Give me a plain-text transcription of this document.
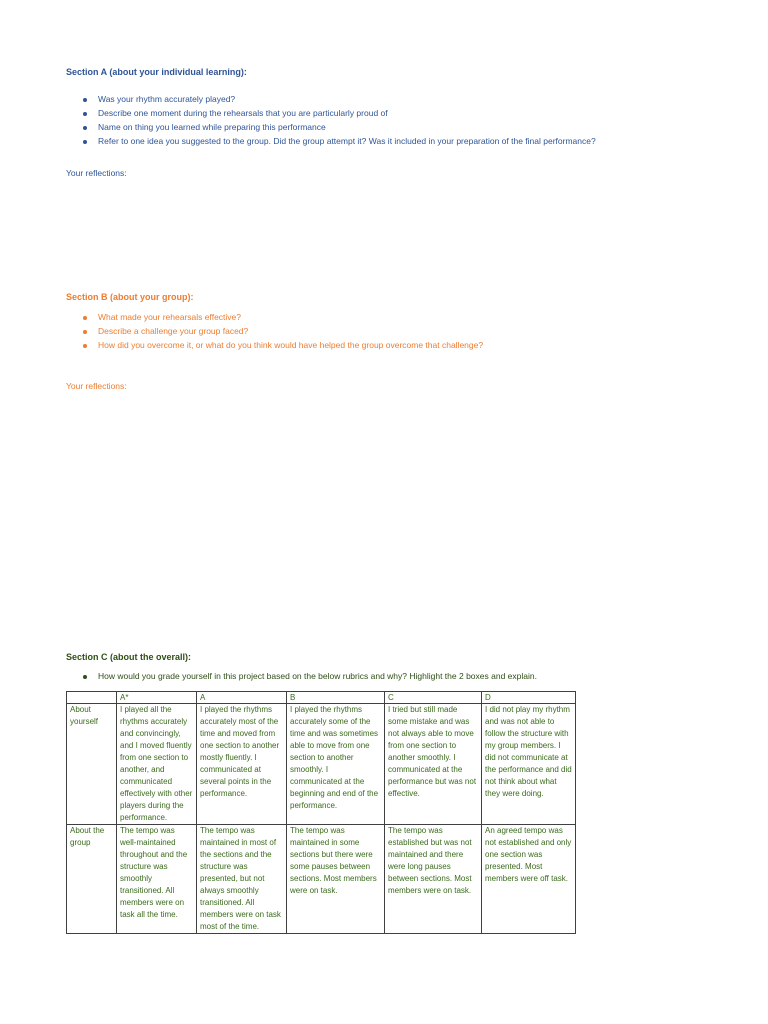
Section A (about your individual learning):
Was your rhythm accurately played?
Describe one moment during the rehearsals that you are particularly proud of
Name on thing you learned while preparing this performance
Refer to one idea you suggested to the group. Did the group attempt it? Was it included in your preparation of the final performance?
Your reflections:
Section B (about your group):
What made your rehearsals effective?
Describe a challenge your group faced?
How did you overcome it, or what do you think would have helped the group overcome that challenge?
Your reflections:
Section C (about the overall):
How would you grade yourself in this project based on the below rubrics and why? Highlight the 2 boxes and explain.
	A*	A	B	C	D
About yourself	I played all the rhythms accurately and convincingly, and I moved fluently from one section to another, and communicated effectively with other players during the performance.	I played the rhythms accurately most of the time and moved from one section to another mostly fluently. I communicated at several points in the performance.	I played the rhythms accurately some of the time and was sometimes able to move from one section to another smoothly. I communicated at the beginning and end of the performance.	I tried but still made some mistake and was not always able to move from one section to another smoothly. I communicated at the performance but was not effective.	I did not play my rhythm and was not able to follow the structure with my group members. I did not communicate at the performance and did not think about what they were doing.
About the group	The tempo was well-maintained throughout and the structure was smoothly transitioned. All members were on task all the time.	The tempo was maintained in most of the sections and the structure was presented, but not always smoothly transitioned. All members were on task most of the time.	The tempo was maintained in some sections but there were some pauses between sections. Most members were on task.	The tempo was established but was not maintained and there were long pauses between sections. Most members were on task.	An agreed tempo was not established and only one section was presented. Most members were off task.
